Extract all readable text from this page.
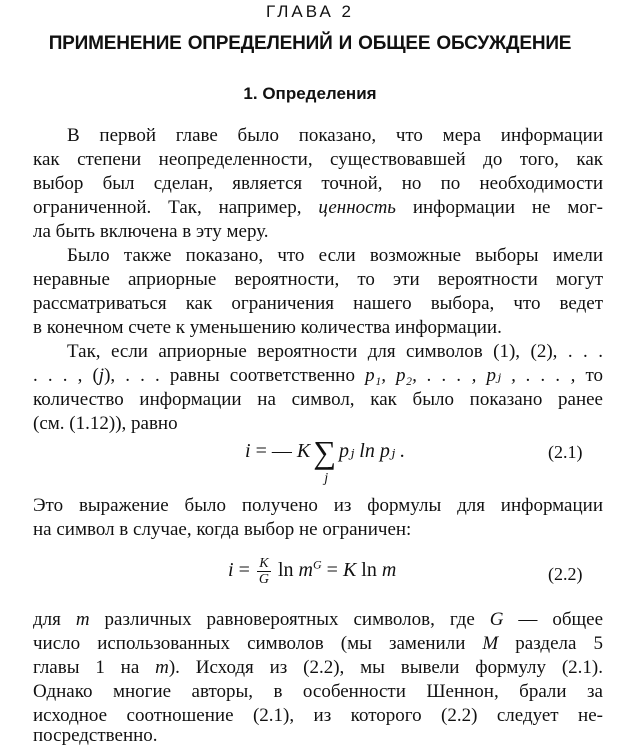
ГЛАВА 2
ПРИМЕНЕНИЕ ОПРЕДЕЛЕНИЙ И ОБЩЕЕ ОБСУЖДЕНИЕ
1. Определения
В первой главе было показано, что мера информации
как степени неопределенности, существовавшей до того, как
выбор был сделан, является точной, но по необходимости
ограниченной. Так, например, ценность информации не мог-
ла быть включена в эту меру.
Было также показано, что если возможные выборы имели
неравные априорные вероятности, то эти вероятности могут
рассматриваться как ограничения нашего выбора, что ведет
в конечном счете к уменьшению количества информации.
Так, если априорные вероятности для символов (1), (2), . . .
. . . , (j), . . . равны соответственно p₁, p₂, . . . , pⱼ , . . . , то
количество информации на символ, как было показано ранее
(см. (1.12)), равно
i = — K∑
j
pⱼ ln pⱼ .	(2.1)
Это выражение было получено из формулы для информации
на символ в случае, когда выбор не ограничен:
$i = \frac{K}{G}$ $\ln m^G = K$ ln m	(2.2)
для m различных равновероятных символов, где G — общее
число использованных символов (мы заменили M раздела 5
главы 1 на m). Исходя из (2.2), мы вывели формулу (2.1).
Однако многие авторы, в особенности Шеннон, брали за
исходное соотношение (2.1), из которого (2.2) следует не-
посредственно.
